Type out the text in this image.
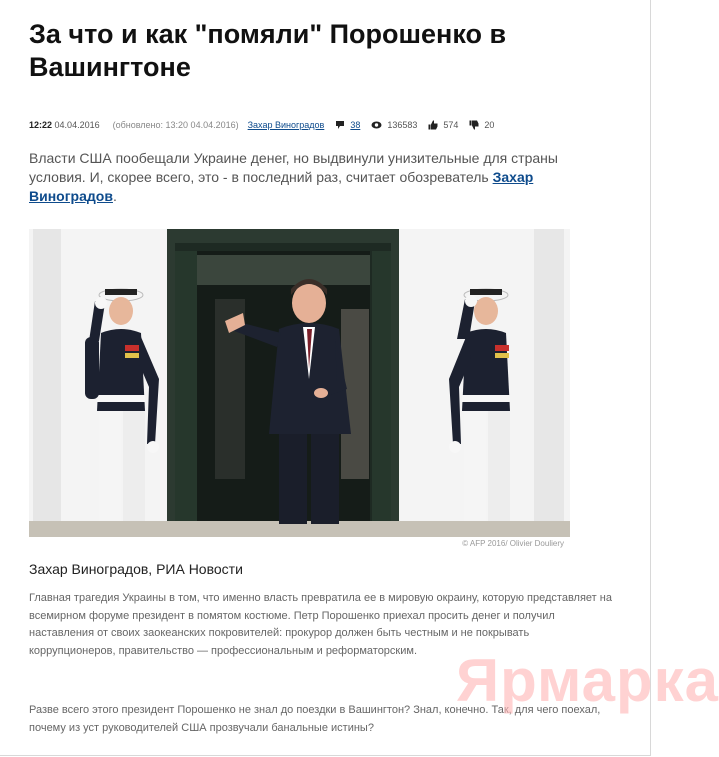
За что и как "помяли" Порошенко в Вашингтоне
12:22
04.04.2016 (обновлено: 13:20 04.04.2016) Захар Виноградов	38	136583	574	20

Власти США пообещали Украине денег, но выдвинули унизительные для страны условия. И, скорее всего, это - в последний раз, считает обозреватель Захар Виноградов.

© AFP 2016/ Olivier Douliery

Захар Виноградов, РИА Новости

Главная трагедия Украины в том, что именно власть превратила ее в мировую окраину, которую представляет на всемирном форуме президент в помятом костюме. Петр Порошенко приехал просить денег и получил наставления от своих заокеанских покровителей: прокурор должен быть честным и не покрывать коррупционеров, правительство — профессиональным и реформаторским.

Разве всего этого президент Порошенко не знал до поездки в Вашингтон? Знал, конечно. Так, для чего поехал, почему из уст руководителей США прозвучали банальные истины?

Ярмарка
